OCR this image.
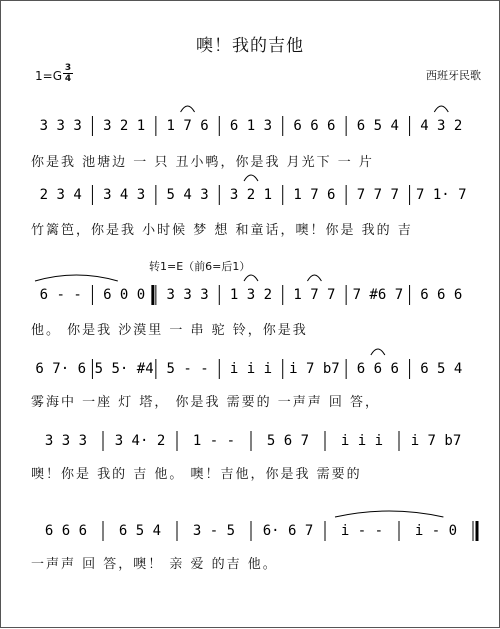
噢！我的吉他
1=G
3
4	西班牙民歌
转1=E（前6=后1）
3 3 3 3 2 1 1 7 6 6 1 3 6 6 6 6 5 4 4 3 2
2 3 4 3 4 3 5 4 3 3 2 1 1 7 6 7 7 7 7 1· 7
6 - - 6 0 0 3 3 3 1 3 2 1 7 7 7 #6 7 6 6 6
6 7· 6 5 5· #4 5 - - i i i i 7 b7 6 6 6 6 5 4
3 3 3 3 4· 2 1 - - 5 6 7 i i i i 7 b7
6 6 6 6 5 4 3 - 5 6· 6 7 i - - i - 0
你是我 池塘边 一 只 丑小鸭，你是我 月光下 一 片
竹篱笆，你是我 小时候 梦 想 和童话，噢！你是 我的 吉
他。 你是我 沙漠里 一 串 驼 铃，你是我
雾海中 一座 灯 塔， 你是我 需要的 一声声 回 答，
噢！你是 我的 吉 他。 噢！吉他，你是我 需要的
一声声 回 答，噢！ 亲 爱 的吉 他。
